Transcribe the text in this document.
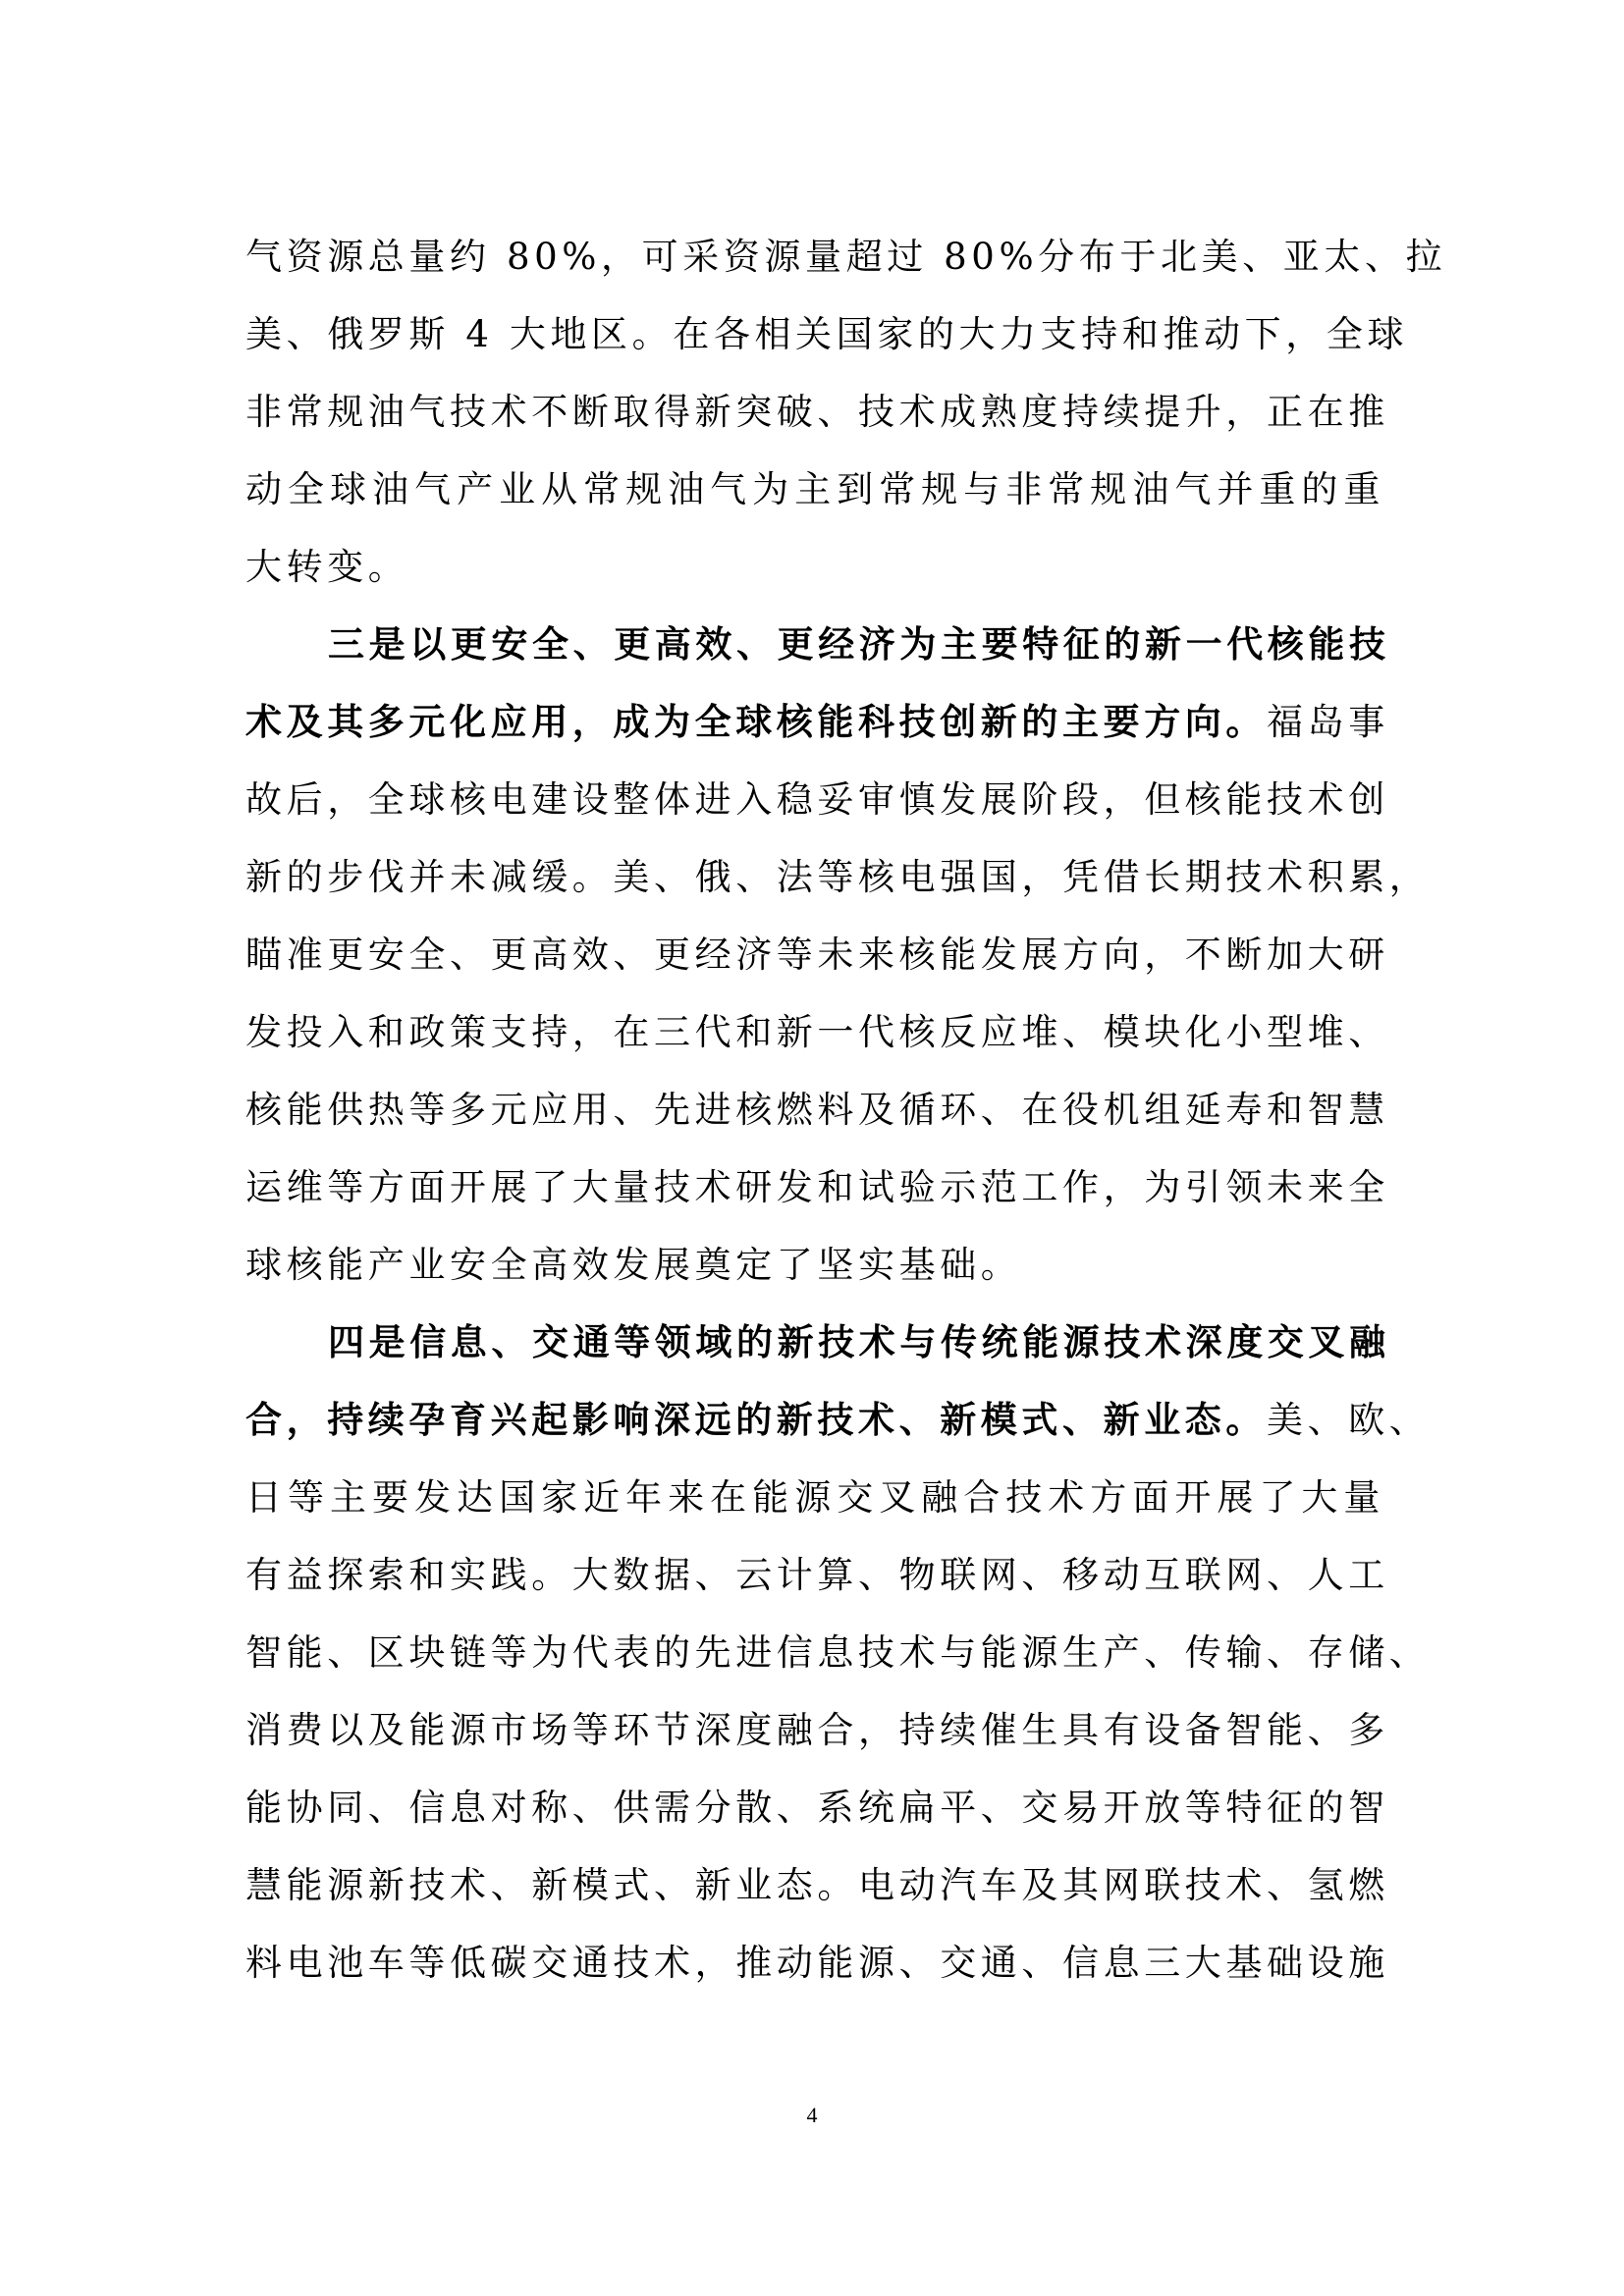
气资源总量约 80%，可采资源量超过 80%分布于北美、亚太、拉
美、俄罗斯 4 大地区。在各相关国家的大力支持和推动下，全球
非常规油气技术不断取得新突破、技术成熟度持续提升，正在推
动全球油气产业从常规油气为主到常规与非常规油气并重的重
大转变。
三是以更安全、更高效、更经济为主要特征的新一代核能技
术及其多元化应用，成为全球核能科技创新的主要方向。福岛事
故后，全球核电建设整体进入稳妥审慎发展阶段，但核能技术创
新的步伐并未减缓。美、俄、法等核电强国，凭借长期技术积累，
瞄准更安全、更高效、更经济等未来核能发展方向，不断加大研
发投入和政策支持，在三代和新一代核反应堆、模块化小型堆、
核能供热等多元应用、先进核燃料及循环、在役机组延寿和智慧
运维等方面开展了大量技术研发和试验示范工作，为引领未来全
球核能产业安全高效发展奠定了坚实基础。
四是信息、交通等领域的新技术与传统能源技术深度交叉融
合，持续孕育兴起影响深远的新技术、新模式、新业态。美、欧、
日等主要发达国家近年来在能源交叉融合技术方面开展了大量
有益探索和实践。大数据、云计算、物联网、移动互联网、人工
智能、区块链等为代表的先进信息技术与能源生产、传输、存储、
消费以及能源市场等环节深度融合，持续催生具有设备智能、多
能协同、信息对称、供需分散、系统扁平、交易开放等特征的智
慧能源新技术、新模式、新业态。电动汽车及其网联技术、氢燃
料电池车等低碳交通技术，推动能源、交通、信息三大基础设施
4
